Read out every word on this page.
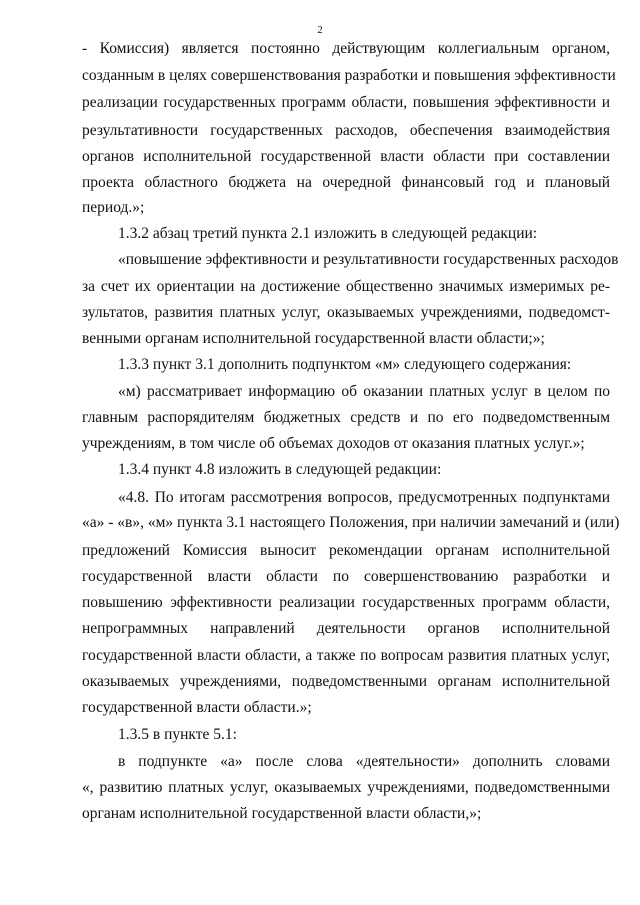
2
- Комиссия) является постоянно действующим коллегиальным органом,
созданным в целях совершенствования разработки и повышения эффективности
реализации государственных программ области, повышения эффективности и
результативности государственных расходов, обеспечения взаимодействия
органов исполнительной государственной власти области при составлении
проекта областного бюджета на очередной финансовый год и плановый
период.»;
1.3.2 абзац третий пункта 2.1 изложить в следующей редакции:
«повышение эффективности и результативности государственных расходов
за счет их ориентации на достижение общественно значимых измеримых ре-
зультатов, развития платных услуг, оказываемых учреждениями, подведомст-
венными органам исполнительной государственной власти области;»;
1.3.3 пункт 3.1 дополнить подпунктом «м» следующего содержания:
«м) рассматривает информацию об оказании платных услуг в целом по
главным распорядителям бюджетных средств и по его подведомственным
учреждениям, в том числе об объемах доходов от оказания платных услуг.»;
1.3.4 пункт 4.8 изложить в следующей редакции:
«4.8. По итогам рассмотрения вопросов, предусмотренных подпунктами
«а» - «в», «м» пункта 3.1 настоящего Положения, при наличии замечаний и (или)
предложений Комиссия выносит рекомендации органам исполнительной
государственной власти области по совершенствованию разработки и
повышению эффективности реализации государственных программ области,
непрограммных направлений деятельности органов исполнительной
государственной власти области, а также по вопросам развития платных услуг,
оказываемых учреждениями, подведомственными органам исполнительной
государственной власти области.»;
1.3.5 в пункте 5.1:
в подпункте «а» после слова «деятельности» дополнить словами
«, развитию платных услуг, оказываемых учреждениями, подведомственными
органам исполнительной государственной власти области,»;
